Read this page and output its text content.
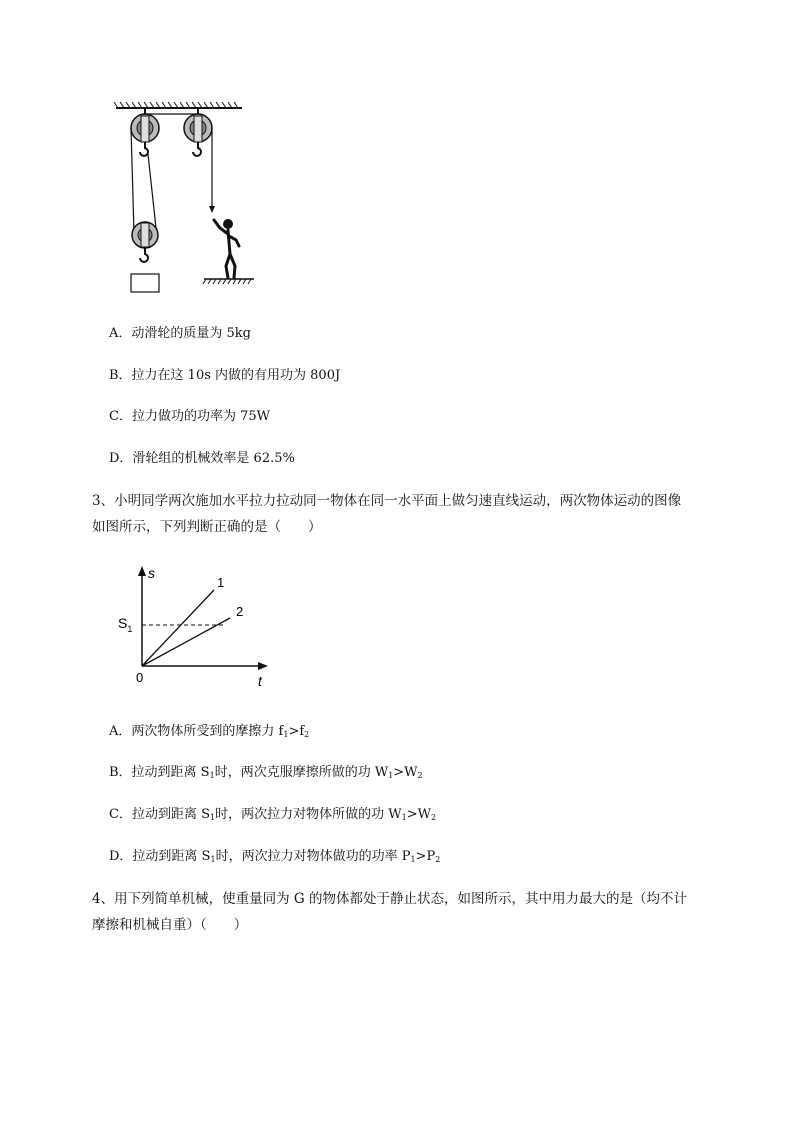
A．动滑轮的质量为 5kg
B．拉力在这 10s 内做的有用功为 800J
C．拉力做功的功率为 75W
D．滑轮组的机械效率是 62.5%
3、小明同学两次施加水平拉力拉动同一物体在同一水平面上做匀速直线运动，两次物体运动的图像
如图所示，下列判断正确的是（　　）
s
t
0
1
2
$S_1$
A．两次物体所受到的摩擦力 $f_1>f_2$
B．拉动到距离 $S_1$时，两次克服摩擦所做的功 $W_1>W_2$
C．拉动到距离 $S_1$时，两次拉力对物体所做的功 $W_1>W_2$
D．拉动到距离 $S_1$时，两次拉力对物体做功的功率 $P_1>P_2$
4、用下列简单机械，使重量同为 G 的物体都处于静止状态，如图所示，其中用力最大的是（均不计
摩擦和机械自重）（　　）
